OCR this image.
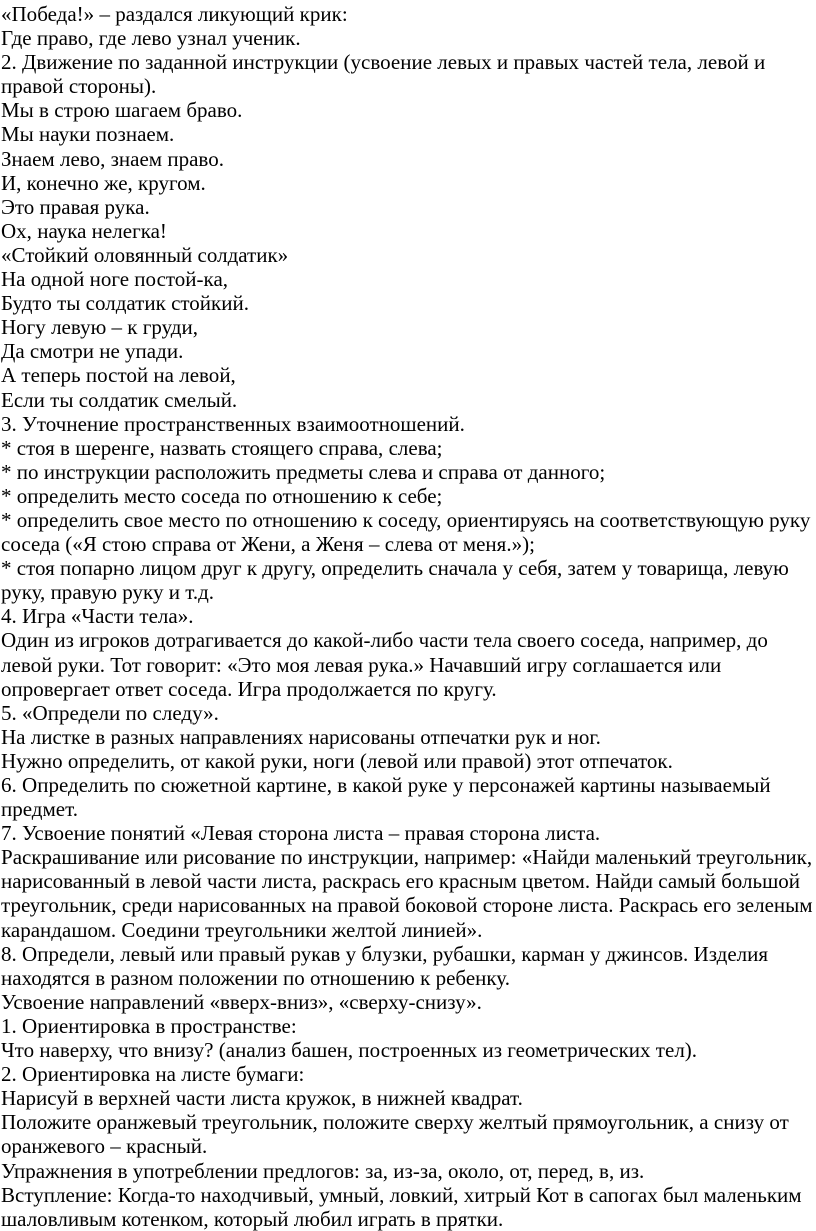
«Победа!» – раздался ликующий крик:
Где право, где лево узнал ученик.
2. Движение по заданной инструкции (усвоение левых и правых частей тела, левой и
правой стороны).
Мы в строю шагаем браво.
Мы науки познаем.
Знаем лево, знаем право.
И, конечно же, кругом.
Это правая рука.
Ох, наука нелегка!
«Стойкий оловянный солдатик»
На одной ноге постой-ка,
Будто ты солдатик стойкий.
Ногу левую – к груди,
Да смотри не упади.
А теперь постой на левой,
Если ты солдатик смелый.
3. Уточнение пространственных взаимоотношений.
* стоя в шеренге, назвать стоящего справа, слева;
* по инструкции расположить предметы слева и справа от данного;
* определить место соседа по отношению к себе;
* определить свое место по отношению к соседу, ориентируясь на соответствующую руку
соседа («Я стою справа от Жени, а Женя – слева от меня.»);
* стоя попарно лицом друг к другу, определить сначала у себя, затем у товарища, левую
руку, правую руку и т.д.
4. Игра «Части тела».
Один из игроков дотрагивается до какой-либо части тела своего соседа, например, до
левой руки. Тот говорит: «Это моя левая рука.» Начавший игру соглашается или
опровергает ответ соседа. Игра продолжается по кругу.
5. «Определи по следу».
На листке в разных направлениях нарисованы отпечатки рук и ног.
Нужно определить, от какой руки, ноги (левой или правой) этот отпечаток.
6. Определить по сюжетной картине, в какой руке у персонажей картины называемый
предмет.
7. Усвоение понятий «Левая сторона листа – правая сторона листа.
Раскрашивание или рисование по инструкции, например: «Найди маленький треугольник,
нарисованный в левой части листа, раскрась его красным цветом. Найди самый большой
треугольник, среди нарисованных на правой боковой стороне листа. Раскрась его зеленым
карандашом. Соедини треугольники желтой линией».
8. Определи, левый или правый рукав у блузки, рубашки, карман у джинсов. Изделия
находятся в разном положении по отношению к ребенку.
Усвоение направлений «вверх-вниз», «сверху-снизу».
1. Ориентировка в пространстве:
Что наверху, что внизу? (анализ башен, построенных из геометрических тел).
2. Ориентировка на листе бумаги:
Нарисуй в верхней части листа кружок, в нижней квадрат.
Положите оранжевый треугольник, положите сверху желтый прямоугольник, а снизу от
оранжевого – красный.
Упражнения в употреблении предлогов: за, из-за, около, от, перед, в, из.
Вступление: Когда-то находчивый, умный, ловкий, хитрый Кот в сапогах был маленьким
шаловливым котенком, который любил играть в прятки.
